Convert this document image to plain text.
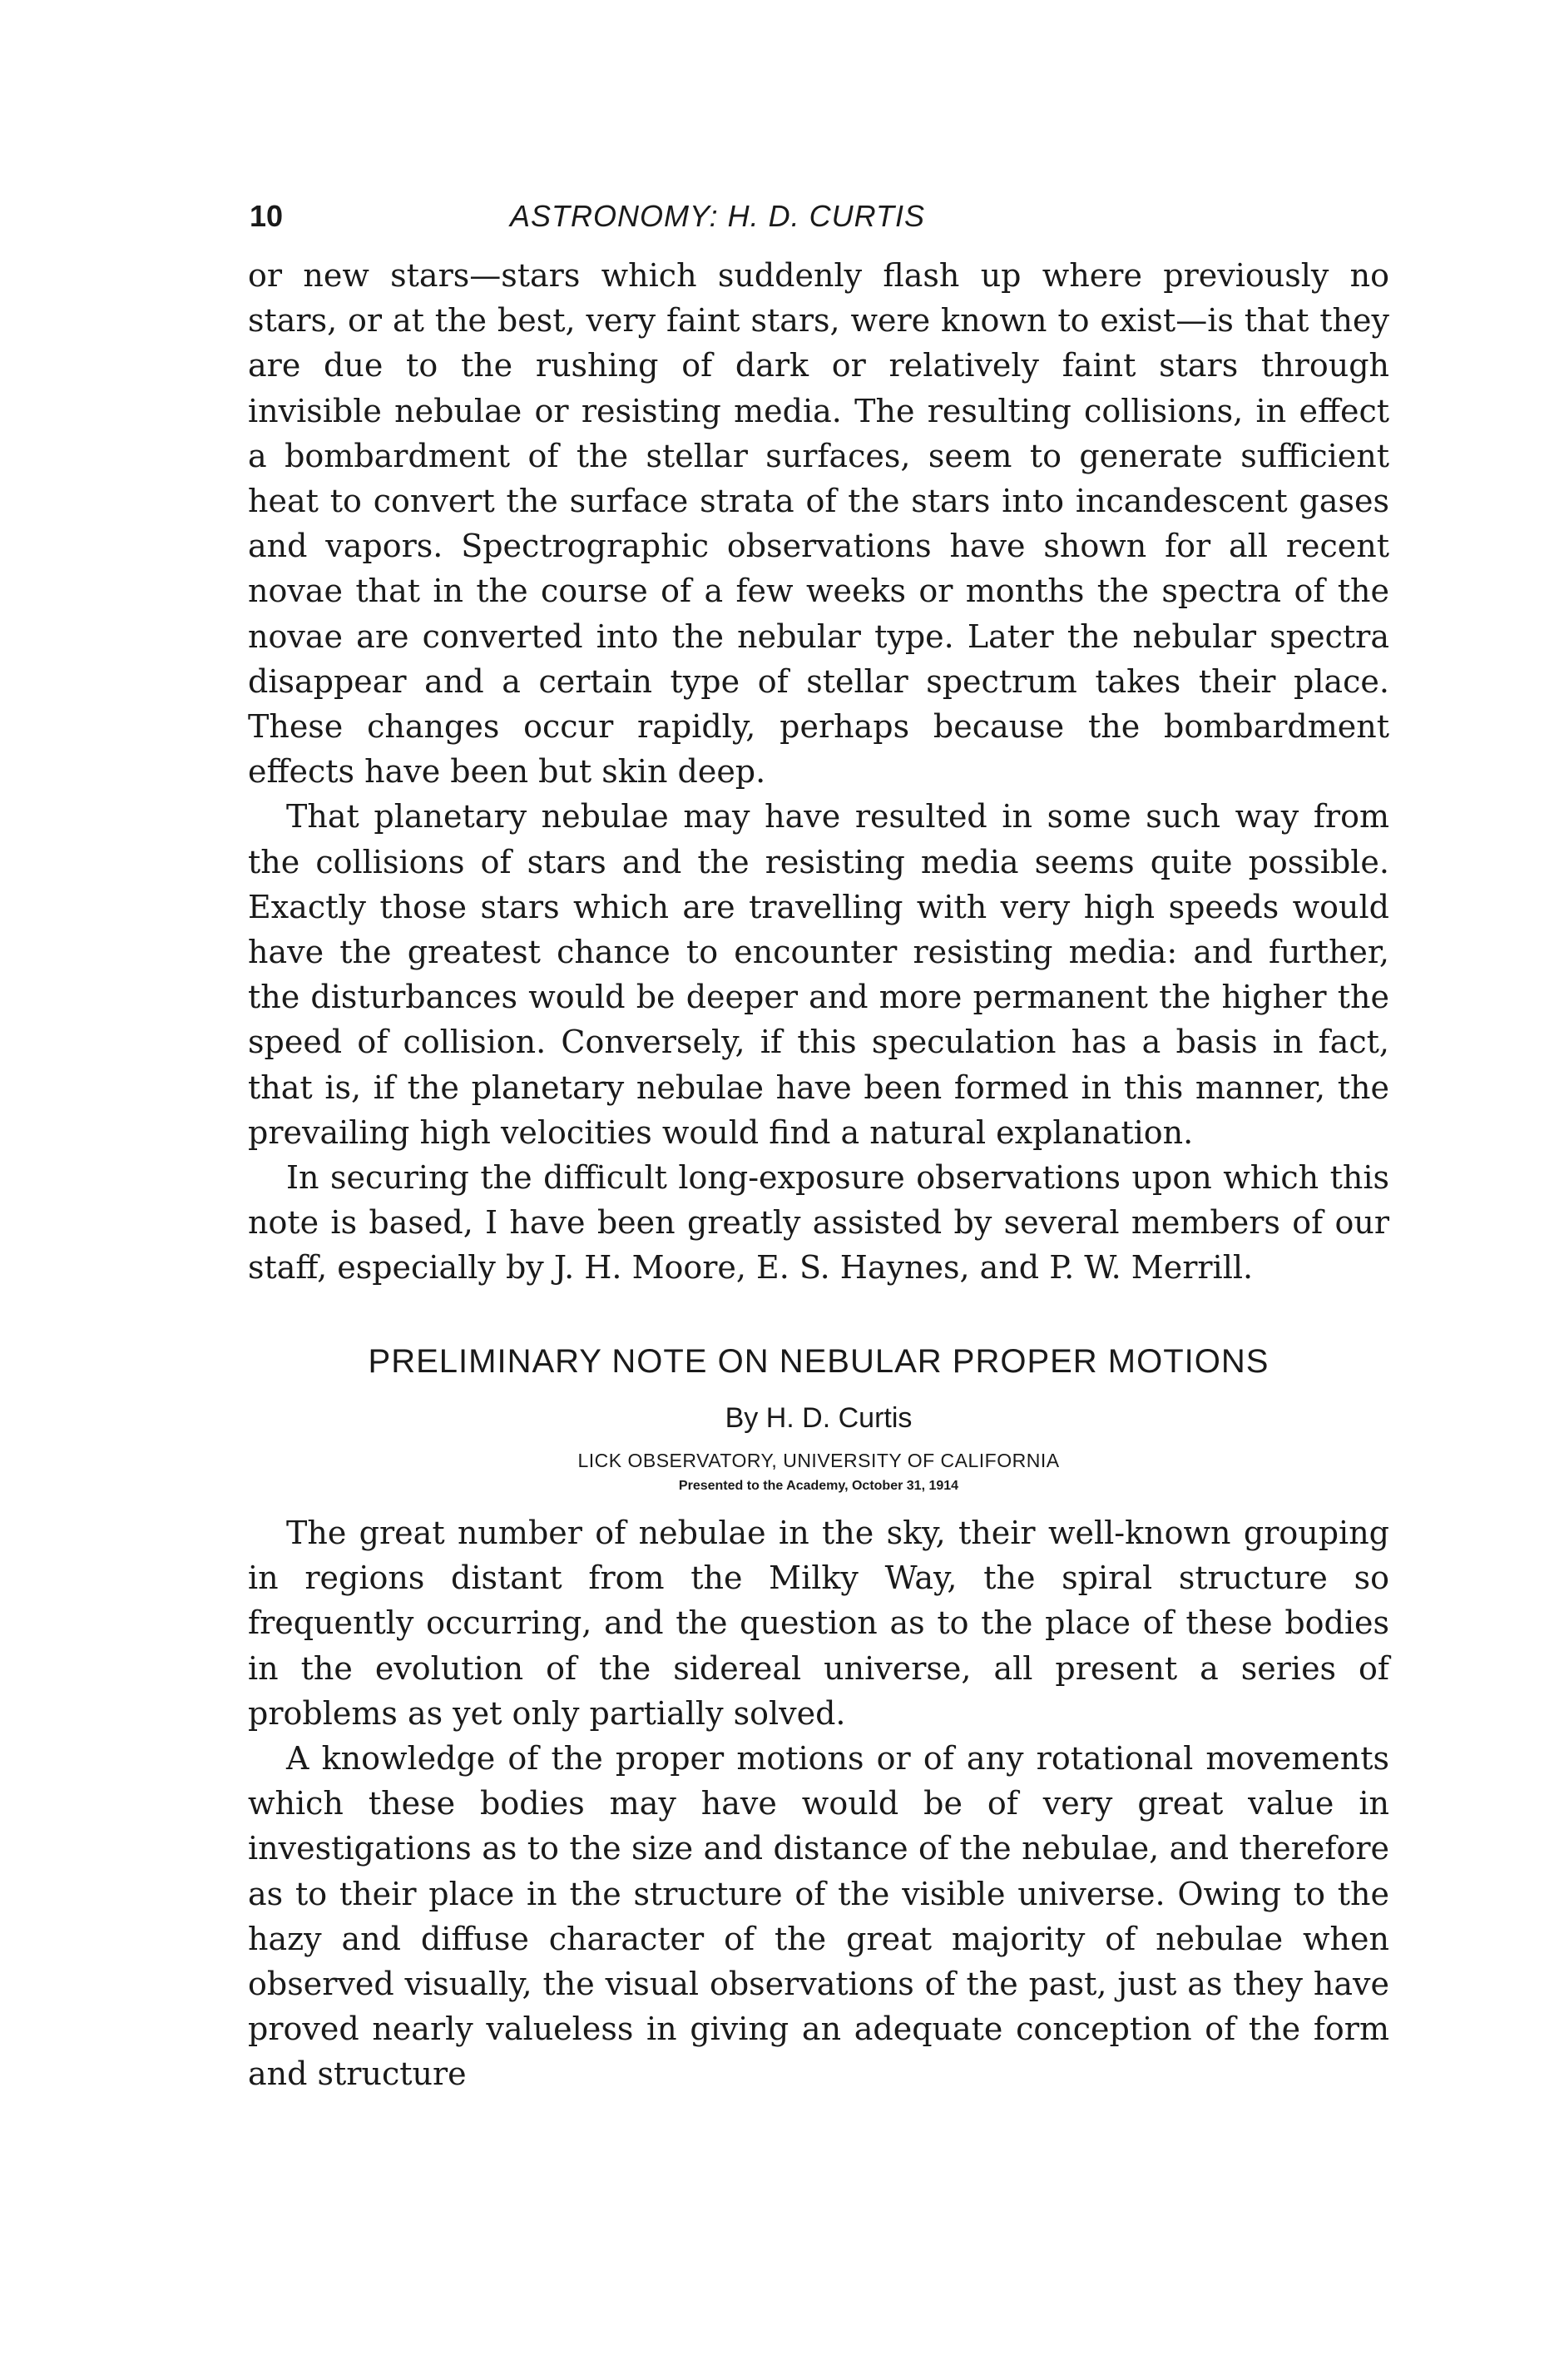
10	ASTRONOMY: H. D. CURTIS

or new stars—stars which suddenly flash up where previously no stars, or at the best, very faint stars, were known to exist—is that they are due to the rushing of dark or relatively faint stars through invisible nebulae or resisting media. The resulting collisions, in effect a bombardment of the stellar surfaces, seem to generate sufficient heat to convert the surface strata of the stars into incandescent gases and vapors. Spectrographic observations have shown for all recent novae that in the course of a few weeks or months the spectra of the novae are converted into the nebular type. Later the nebular spectra disappear and a certain type of stellar spectrum takes their place. These changes occur rapidly, perhaps because the bombardment effects have been but skin deep.

That planetary nebulae may have resulted in some such way from the collisions of stars and the resisting media seems quite possible. Exactly those stars which are travelling with very high speeds would have the greatest chance to encounter resisting media: and further, the disturbances would be deeper and more permanent the higher the speed of collision. Conversely, if this speculation has a basis in fact, that is, if the planetary nebulae have been formed in this manner, the prevailing high velocities would find a natural explanation.

In securing the difficult long-exposure observations upon which this note is based, I have been greatly assisted by several members of our staff, especially by J. H. Moore, E. S. Haynes, and P. W. Merrill.

PRELIMINARY NOTE ON NEBULAR PROPER MOTIONS

By H. D. Curtis

LICK OBSERVATORY, UNIVERSITY OF CALIFORNIA

Presented to the Academy, October 31, 1914

The great number of nebulae in the sky, their well-known grouping in regions distant from the Milky Way, the spiral structure so frequently occurring, and the question as to the place of these bodies in the evolution of the sidereal universe, all present a series of problems as yet only partially solved.

A knowledge of the proper motions or of any rotational movements which these bodies may have would be of very great value in investigations as to the size and distance of the nebulae, and therefore as to their place in the structure of the visible universe. Owing to the hazy and diffuse character of the great majority of nebulae when observed visually, the visual observations of the past, just as they have proved nearly valueless in giving an adequate conception of the form and structure
